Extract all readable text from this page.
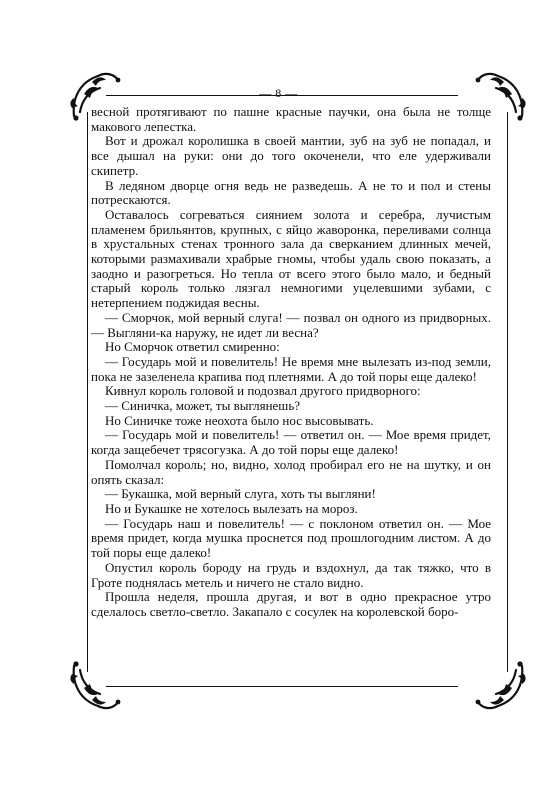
— 8 —

весной протягивают по пашне красные паучки, она была не толще макового лепестка.

Вот и дрожал королишка в своей мантии, зуб на зуб не попадал, и все дышал на руки: они до того окоченели, что еле удерживали скипетр.

В ледяном дворце огня ведь не разведешь. А не то и пол и стены потрескаются.

Оставалось согреваться сиянием золота и серебра, лучистым пламенем брильянтов, крупных, с яйцо жаворонка, переливами солнца в хрустальных стенах тронного зала да сверканием длинных мечей, которыми размахивали храбрые гномы, чтобы удаль свою показать, а заодно и разогреться. Но тепла от всего этого было мало, и бедный старый король только лязгал немногими уцелевшими зубами, с нетерпением поджидая весны.

— Сморчок, мой верный слуга! — позвал он одного из придворных. — Выгляни-ка наружу, не идет ли весна?

Но Сморчок ответил смиренно:

— Государь мой и повелитель! Не время мне вылезать из-под земли, пока не зазеленела крапива под плетнями. А до той поры еще далеко!

Кивнул король головой и подозвал другого придворного:

— Синичка, может, ты выглянешь?

Но Синичке тоже неохота было нос высовывать.

— Государь мой и повелитель! — ответил он. — Мое время придет, когда защебечет трясогузка. А до той поры еще далеко!

Помолчал король; но, видно, холод пробирал его не на шутку, и он опять сказал:

— Букашка, мой верный слуга, хоть ты выгляни!

Но и Букашке не хотелось вылезать на мороз.

— Государь наш и повелитель! — с поклоном ответил он. — Мое время придет, когда мушка проснется под прошлогодним листом. А до той поры еще далеко!

Опустил король бороду на грудь и вздохнул, да так тяжко, что в Гроте поднялась метель и ничего не стало видно.

Прошла неделя, прошла другая, и вот в одно прекрасное утро сделалось светло-светло. Закапало с сосулек на королевской боро-
